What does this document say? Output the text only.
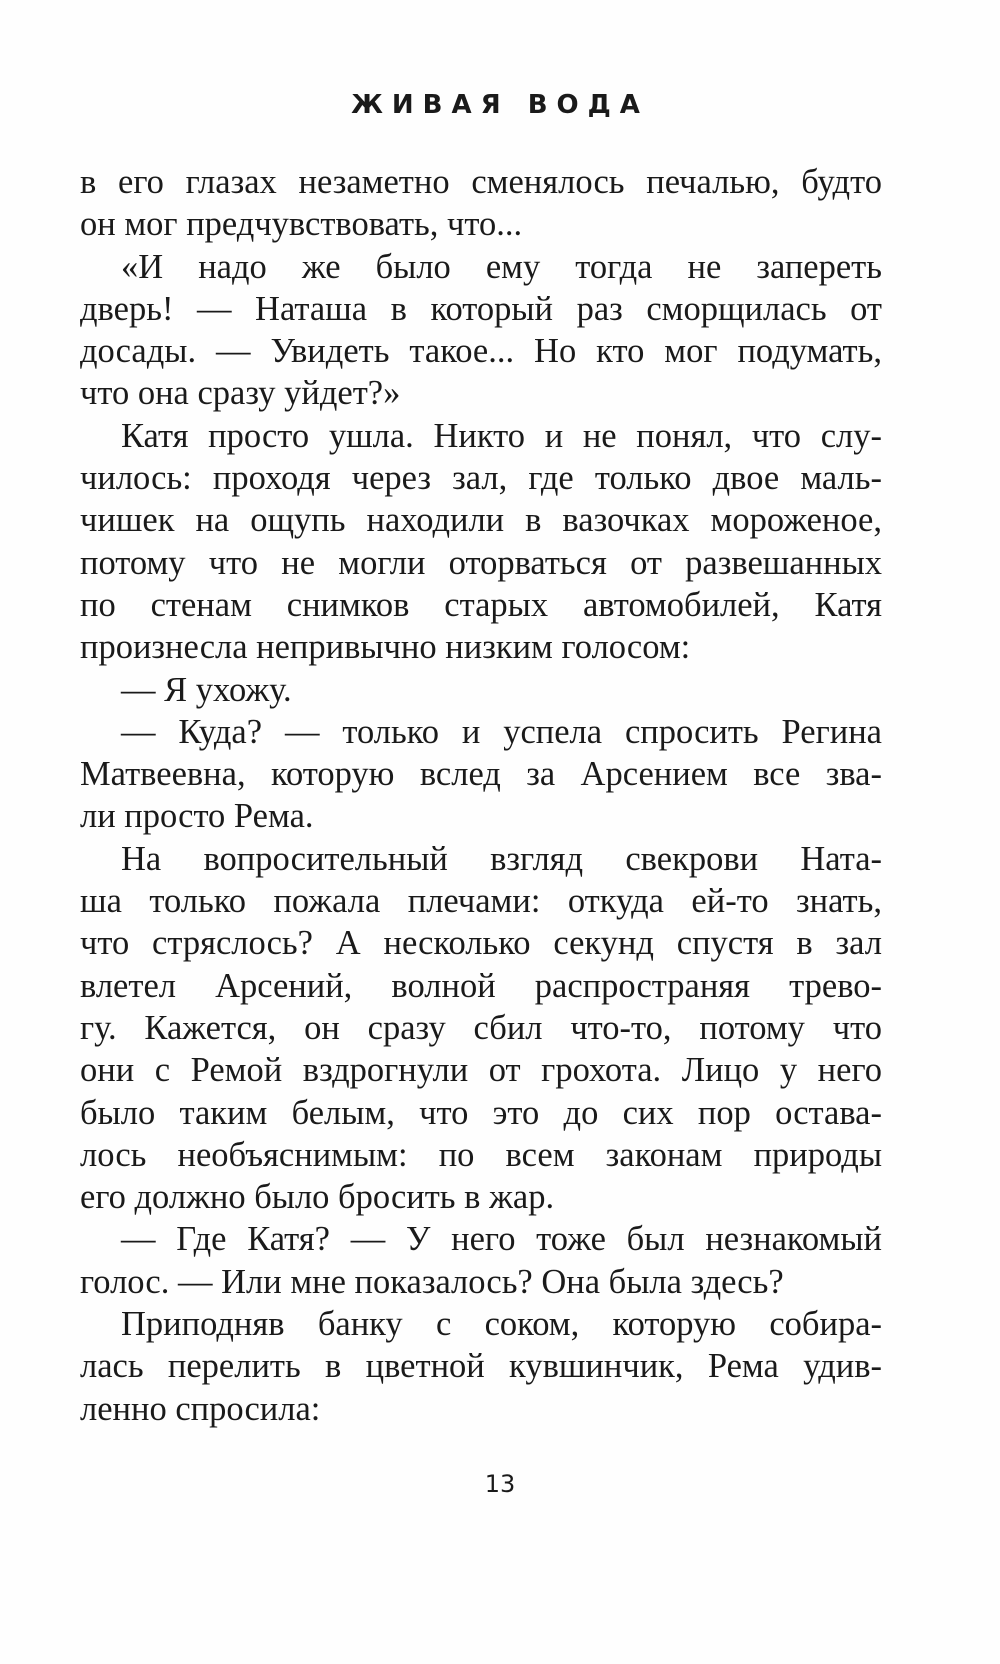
ЖИВАЯ ВОДА
в его глазах незаметно сменялось печалью, будто
он мог предчувствовать, что...
«И надо же было ему тогда не запереть
дверь! — Наташа в который раз сморщилась от
досады. — Увидеть такое... Но кто мог подумать,
что она сразу уйдет?»
Катя просто ушла. Никто и не понял, что слу-
чилось: проходя через зал, где только двое маль-
чишек на ощупь находили в вазочках мороженое,
потому что не могли оторваться от развешанных
по стенам снимков старых автомобилей, Катя
произнесла непривычно низким голосом:
— Я ухожу.
— Куда? — только и успела спросить Регина
Матвеевна, которую вслед за Арсением все зва-
ли просто Рема.
На вопросительный взгляд свекрови Ната-
ша только пожала плечами: откуда ей-то знать,
что стряслось? А несколько секунд спустя в зал
влетел Арсений, волной распространяя трево-
гу. Кажется, он сразу сбил что-то, потому что
они с Ремой вздрогнули от грохота. Лицо у него
было таким белым, что это до сих пор остава-
лось необъяснимым: по всем законам природы
его должно было бросить в жар.
— Где Катя? — У него тоже был незнакомый
голос. — Или мне показалось? Она была здесь?
Приподняв банку с соком, которую собира-
лась перелить в цветной кувшинчик, Рема удив-
ленно спросила:
13
